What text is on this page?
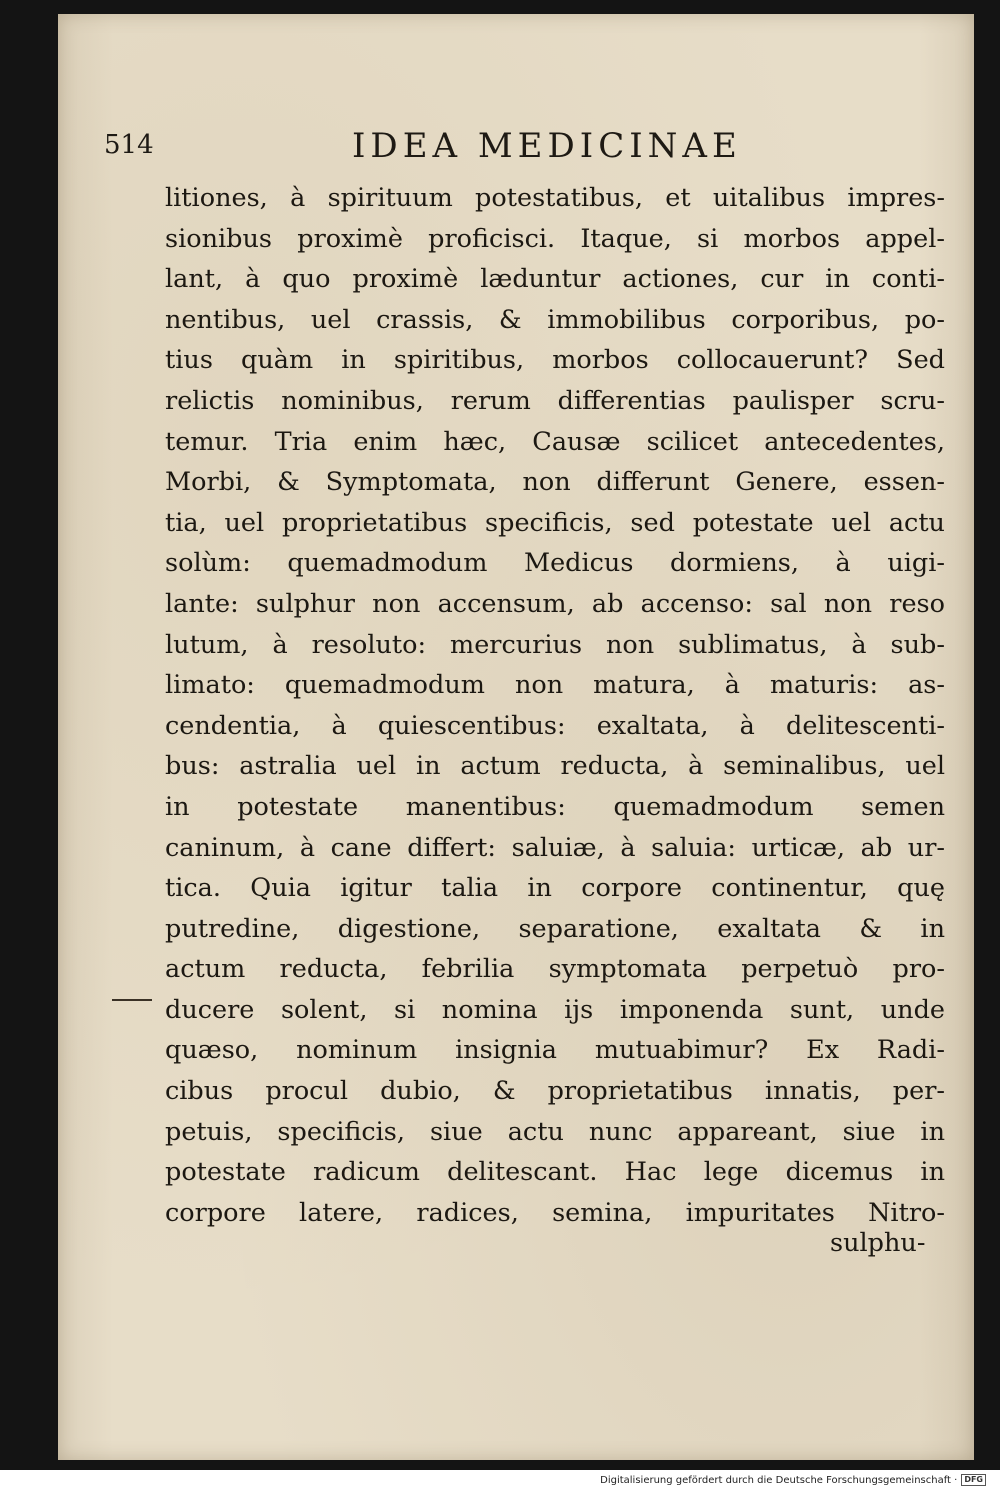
514	IDEA MEDICINAE
litiones, à spirituum potestatibus, et uitalibus impres-
sionibus proximè proficisci. Itaque, si morbos appel-
lant, à quo proximè læduntur actiones, cur in conti-
nentibus, uel crassis, & immobilibus corporibus, po-
tius quàm in spiritibus, morbos collocauerunt? Sed
relictis nominibus, rerum differentias paulisper scru-
temur. Tria enim hæc, Causæ scilicet antecedentes,
Morbi, & Symptomata, non differunt Genere, essen-
tia, uel proprietatibus specificis, sed potestate uel actu
solùm: quemadmodum Medicus dormiens, à uigi-
lante: sulphur non accensum, ab accenso: sal non reso
lutum, à resoluto: mercurius non sublimatus, à sub-
limato: quemadmodum non matura, à maturis: as-
cendentia, à quiescentibus: exaltata, à delitescenti-
bus: astralia uel in actum reducta, à seminalibus, uel
in potestate manentibus: quemadmodum semen
caninum, à cane differt: saluiæ, à saluia: urticæ, ab ur-
tica. Quia igitur talia in corpore continentur, quę
putredine, digestione, separatione, exaltata & in
actum reducta, febrilia symptomata perpetuò pro-
ducere solent, si nomina ijs imponenda sunt, unde
quæso, nominum insignia mutuabimur? Ex Radi-
cibus procul dubio, & proprietatibus innatis, per-
petuis, specificis, siue actu nunc appareant, siue in
potestate radicum delitescant. Hac lege dicemus in
corpore latere, radices, semina, impuritates Nitro-
sulphu-
Digitalisierung gefördert durch die Deutsche Forschungsgemeinschaft · DFG
